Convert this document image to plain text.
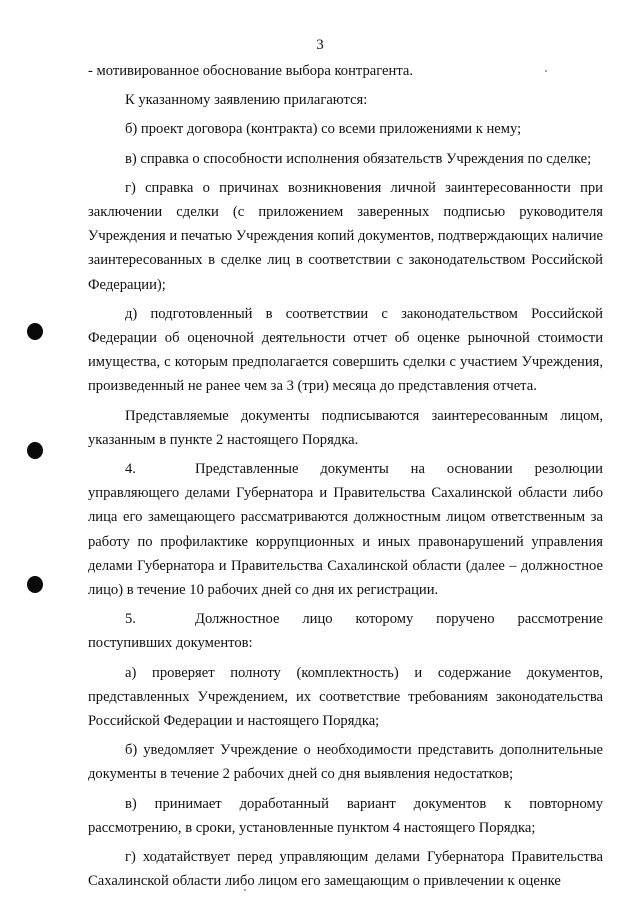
3

- мотивированное обоснование выбора контрагента.

К указанному заявлению прилагаются:

б) проект договора (контракта) со всеми приложениями к нему;

в) справка о способности исполнения обязательств Учреждения по сделке;

г) справка о причинах возникновения личной заинтересованности при заключении сделки (с приложением заверенных подписью руководителя Учреждения и печатью Учреждения копий документов, подтверждающих наличие заинтересованных в сделке лиц в соответствии с законодательством Российской Федерации);

д) подготовленный в соответствии с законодательством Российской Федерации об оценочной деятельности отчет об оценке рыночной стоимости имущества, с которым предполагается совершить сделки с участием Учреждения, произведенный не ранее чем за 3 (три) месяца до представления отчета.

Представляемые документы подписываются заинтересованным лицом, указанным в пункте 2 настоящего Порядка.

4.	Представленные документы на основании резолюции управляющего делами Губернатора и Правительства Сахалинской области либо лица его замещающего рассматриваются должностным лицом ответственным за работу по профилактике коррупционных и иных правонарушений управления делами Губернатора и Правительства Сахалинской области (далее – должностное лицо) в течение 10 рабочих дней со дня их регистрации.

5.	Должностное лицо которому поручено рассмотрение поступивших документов:

а) проверяет полноту (комплектность) и содержание документов, представленных Учреждением, их соответствие требованиям законодательства Российской Федерации и настоящего Порядка;

б) уведомляет Учреждение о необходимости представить дополнительные документы в течение 2 рабочих дней со дня выявления недостатков;

в) принимает доработанный вариант документов к повторному рассмотрению, в сроки, установленные пунктом 4 настоящего Порядка;

г) ходатайствует перед управляющим делами Губернатора Правительства Сахалинской области либо лицом его замещающим о привлечении к оценке
